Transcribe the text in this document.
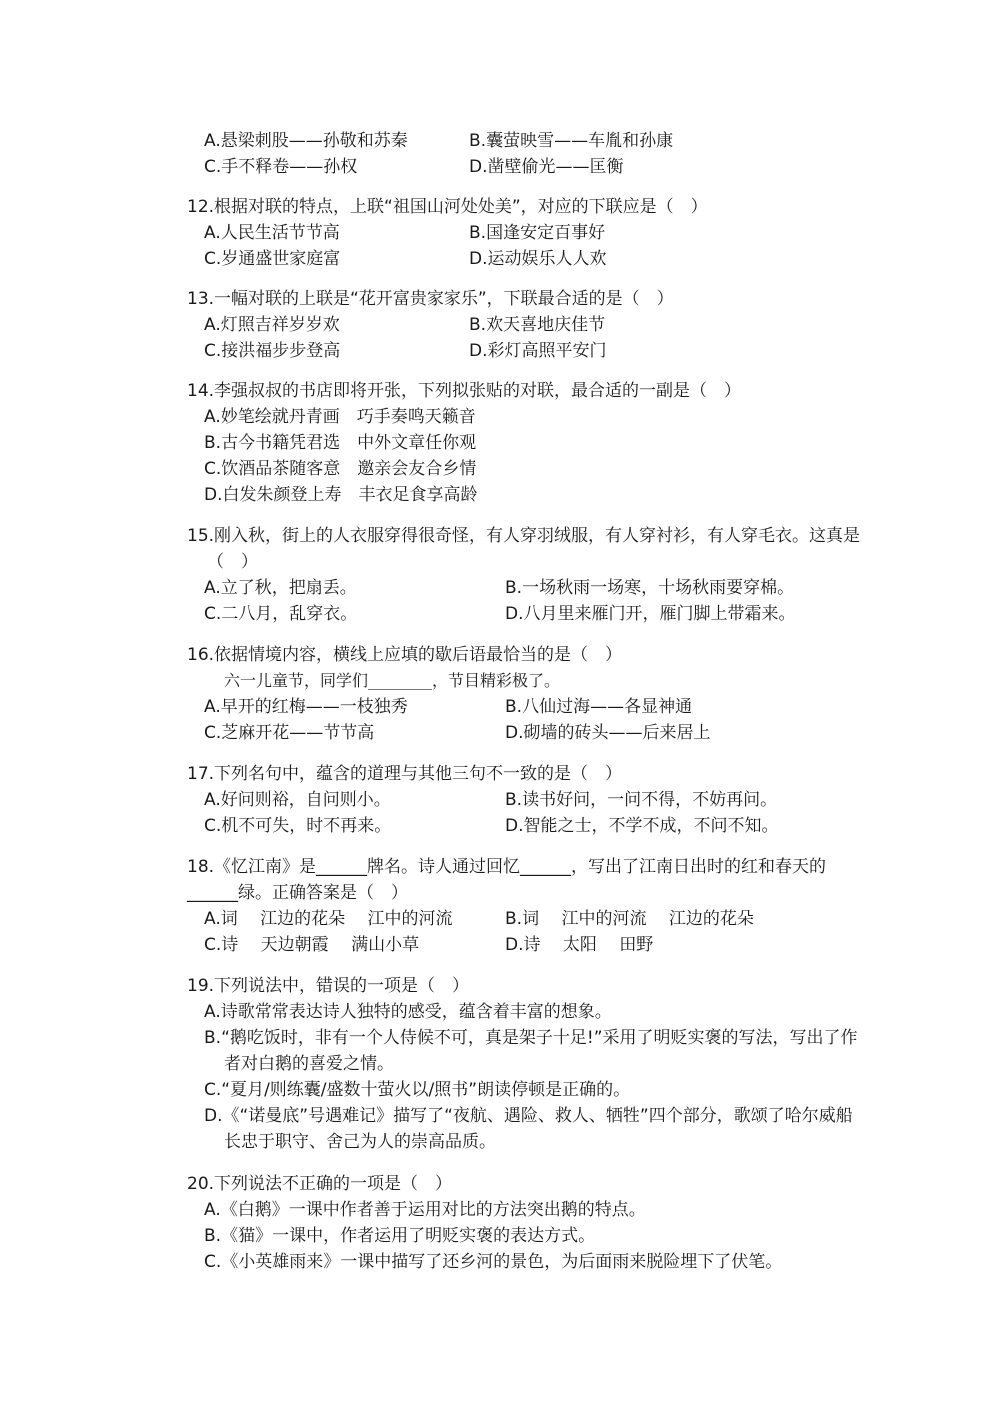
A.悬梁刺股——孙敬和苏秦	B.囊萤映雪——车胤和孙康
C.手不释卷——孙权	D.凿壁偷光——匡衡
12.根据对联的特点，上联“祖国山河处处美”，对应的下联应是（　）
A.人民生活节节高	B.国逢安定百事好
C.岁通盛世家庭富	D.运动娱乐人人欢
13.一幅对联的上联是“花开富贵家家乐”，下联最合适的是（　）
A.灯照吉祥岁岁欢	B.欢天喜地庆佳节
C.接洪福步步登高	D.彩灯高照平安门
14.李强叔叔的书店即将开张，下列拟张贴的对联，最合适的一副是（　）
A.妙笔绘就丹青画　巧手奏鸣天籁音
B.古今书籍凭君选　中外文章任你观
C.饮酒品茶随客意　邀亲会友合乡情
D.白发朱颜登上寿　丰衣足食享高龄
15.刚入秋，街上的人衣服穿得很奇怪，有人穿羽绒服，有人穿衬衫，有人穿毛衣。这真是（　）
A.立了秋，把扇丢。	B.一场秋雨一场寒，十场秋雨要穿棉。
C.二八月，乱穿衣。	D.八月里来雁门开，雁门脚上带霜来。
16.依据情境内容，横线上应填的歇后语最恰当的是（　）
六一儿童节，同学们________，节目精彩极了。
A.早开的红梅——一枝独秀	B.八仙过海——各显神通
C.芝麻开花——节节高	D.砌墙的砖头——后来居上
17.下列名句中，蕴含的道理与其他三句不一致的是（　）
A.好问则裕，自问则小。	B.读书好问，一问不得，不妨再问。
C.机不可失，时不再来。	D.智能之士，不学不成，不问不知。
18.《忆江南》是______牌名。诗人通过回忆______，写出了江南日出时的红和春天的______绿。正确答案是（　）
A.词　 江边的花朵　 江中的河流	B.词　 江中的河流　 江边的花朵
C.诗　 天边朝霞　 满山小草	D.诗　 太阳　 田野
19.下列说法中，错误的一项是（　）
A.诗歌常常表达诗人独特的感受，蕴含着丰富的想象。
B.“鹅吃饭时，非有一个人侍候不可，真是架子十足!”采用了明贬实褒的写法，写出了作者对白鹅的喜爱之情。
C.“夏月/则练囊/盛数十萤火以/照书”朗读停顿是正确的。
D.《“诺曼底”号遇难记》描写了“夜航、遇险、救人、牺牲”四个部分，歌颂了哈尔威船长忠于职守、舍己为人的崇高品质。
20.下列说法不正确的一项是（　）
A.《白鹅》一课中作者善于运用对比的方法突出鹅的特点。
B.《猫》一课中，作者运用了明贬实褒的表达方式。
C.《小英雄雨来》一课中描写了还乡河的景色，为后面雨来脱险埋下了伏笔。
